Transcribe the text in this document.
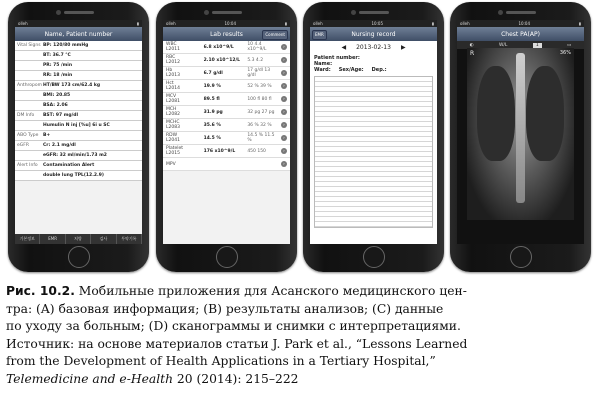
olleh	▮
Name, Patient number
Vital Signs BP: 120/80 mmHg
BT: 36.7 °C
PR: 75 /min
RR: 18 /min
Anthropom HT/BW 173 cm/62.4 kg
BMI: 20.85
BSA: 2.06
DM Info	BST: 97 mg/dl
Humulin N inj [%u] 6i u SC
ABO Type	B+
eGFR	Cr: 2.1 mg/dl
eGFR: 32 ml/min/1.73 m2
Alert Info	Contamination Alert
double lung TPL(12.2.9)
기본정보	EMR	처방	검사	투약기록
olleh	10:04	▮
Lab results	Comment
WBC
L2011	6.8 x10^9/L	10 4.4 x10^9/L
›
RBC
L2012	2.10 x10^12/L	5.3 4.2	›
Hb
L2013	6.7 g/dl	17 g/dl 13 g/dl
›
Hct
L2014	19.9 %	52 % 39 %	›
MCV
L2081	89.5 fl	100 fl 80 fl	›
MCH
L2082	31.9 pg	32 pg 27 pg	›
MCHC
L2083	35.6 %	36 % 32 %	›
RDW
L2041	14.5 %	14.5 % 11.5 %
›
Platelet
L2015	176 x10^9/L	450 150	›
MPV	›
olleh	10:05	▮
EMR	Nursing record
◀ 2013-02-13 ▶
Patient number:
Name:
Ward: Sex/Age: Dep.:
olleh	10:04	▮
Chest PA(AP)
◐	W/L	1	▭
R	36%
Рис. 10.2. Мобильные приложения для Асанского медицинского цен-
тра: (A) базовая информация; (B) результаты анализов; (C) данные
по уходу за больным; (D) сканограммы и снимки с интерпретациями.
Источник: на основе материалов статьи J. Park et al., “Lessons Learned
from the Development of Health Applications in a Tertiary Hospital,”
Telemedicine and e-Health 20 (2014): 215–222
